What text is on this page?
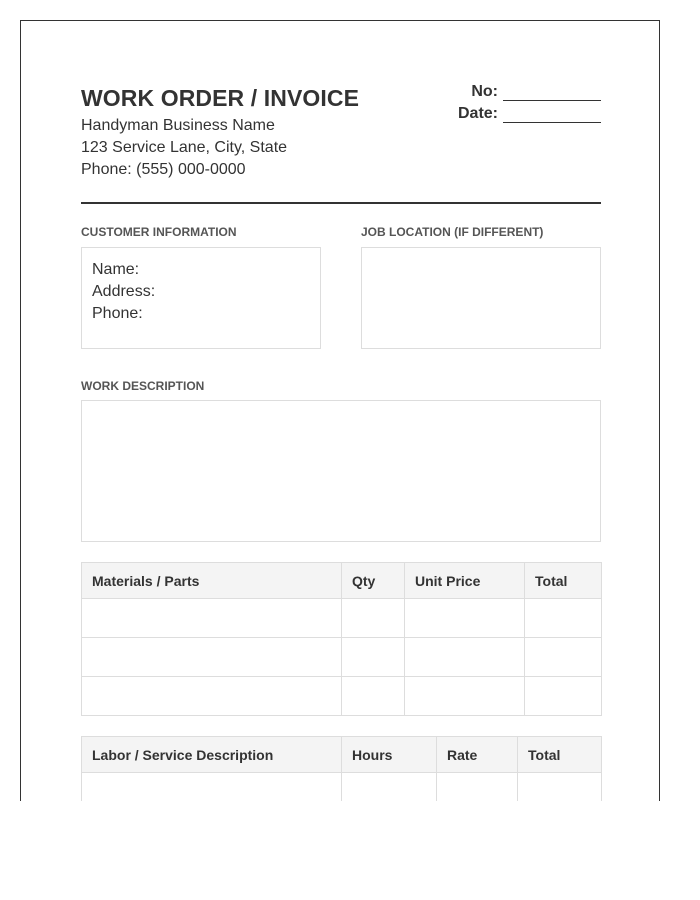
WORK ORDER / INVOICE
Handyman Business Name
123 Service Lane, City, State
Phone: (555) 000-0000
No:
Date:
CUSTOMER INFORMATION	JOB LOCATION (IF DIFFERENT)
Name:
Address:
Phone:
WORK DESCRIPTION
Materials / Parts	Qty	Unit Price	Total

Labor / Service Description	Hours	Rate	Total
